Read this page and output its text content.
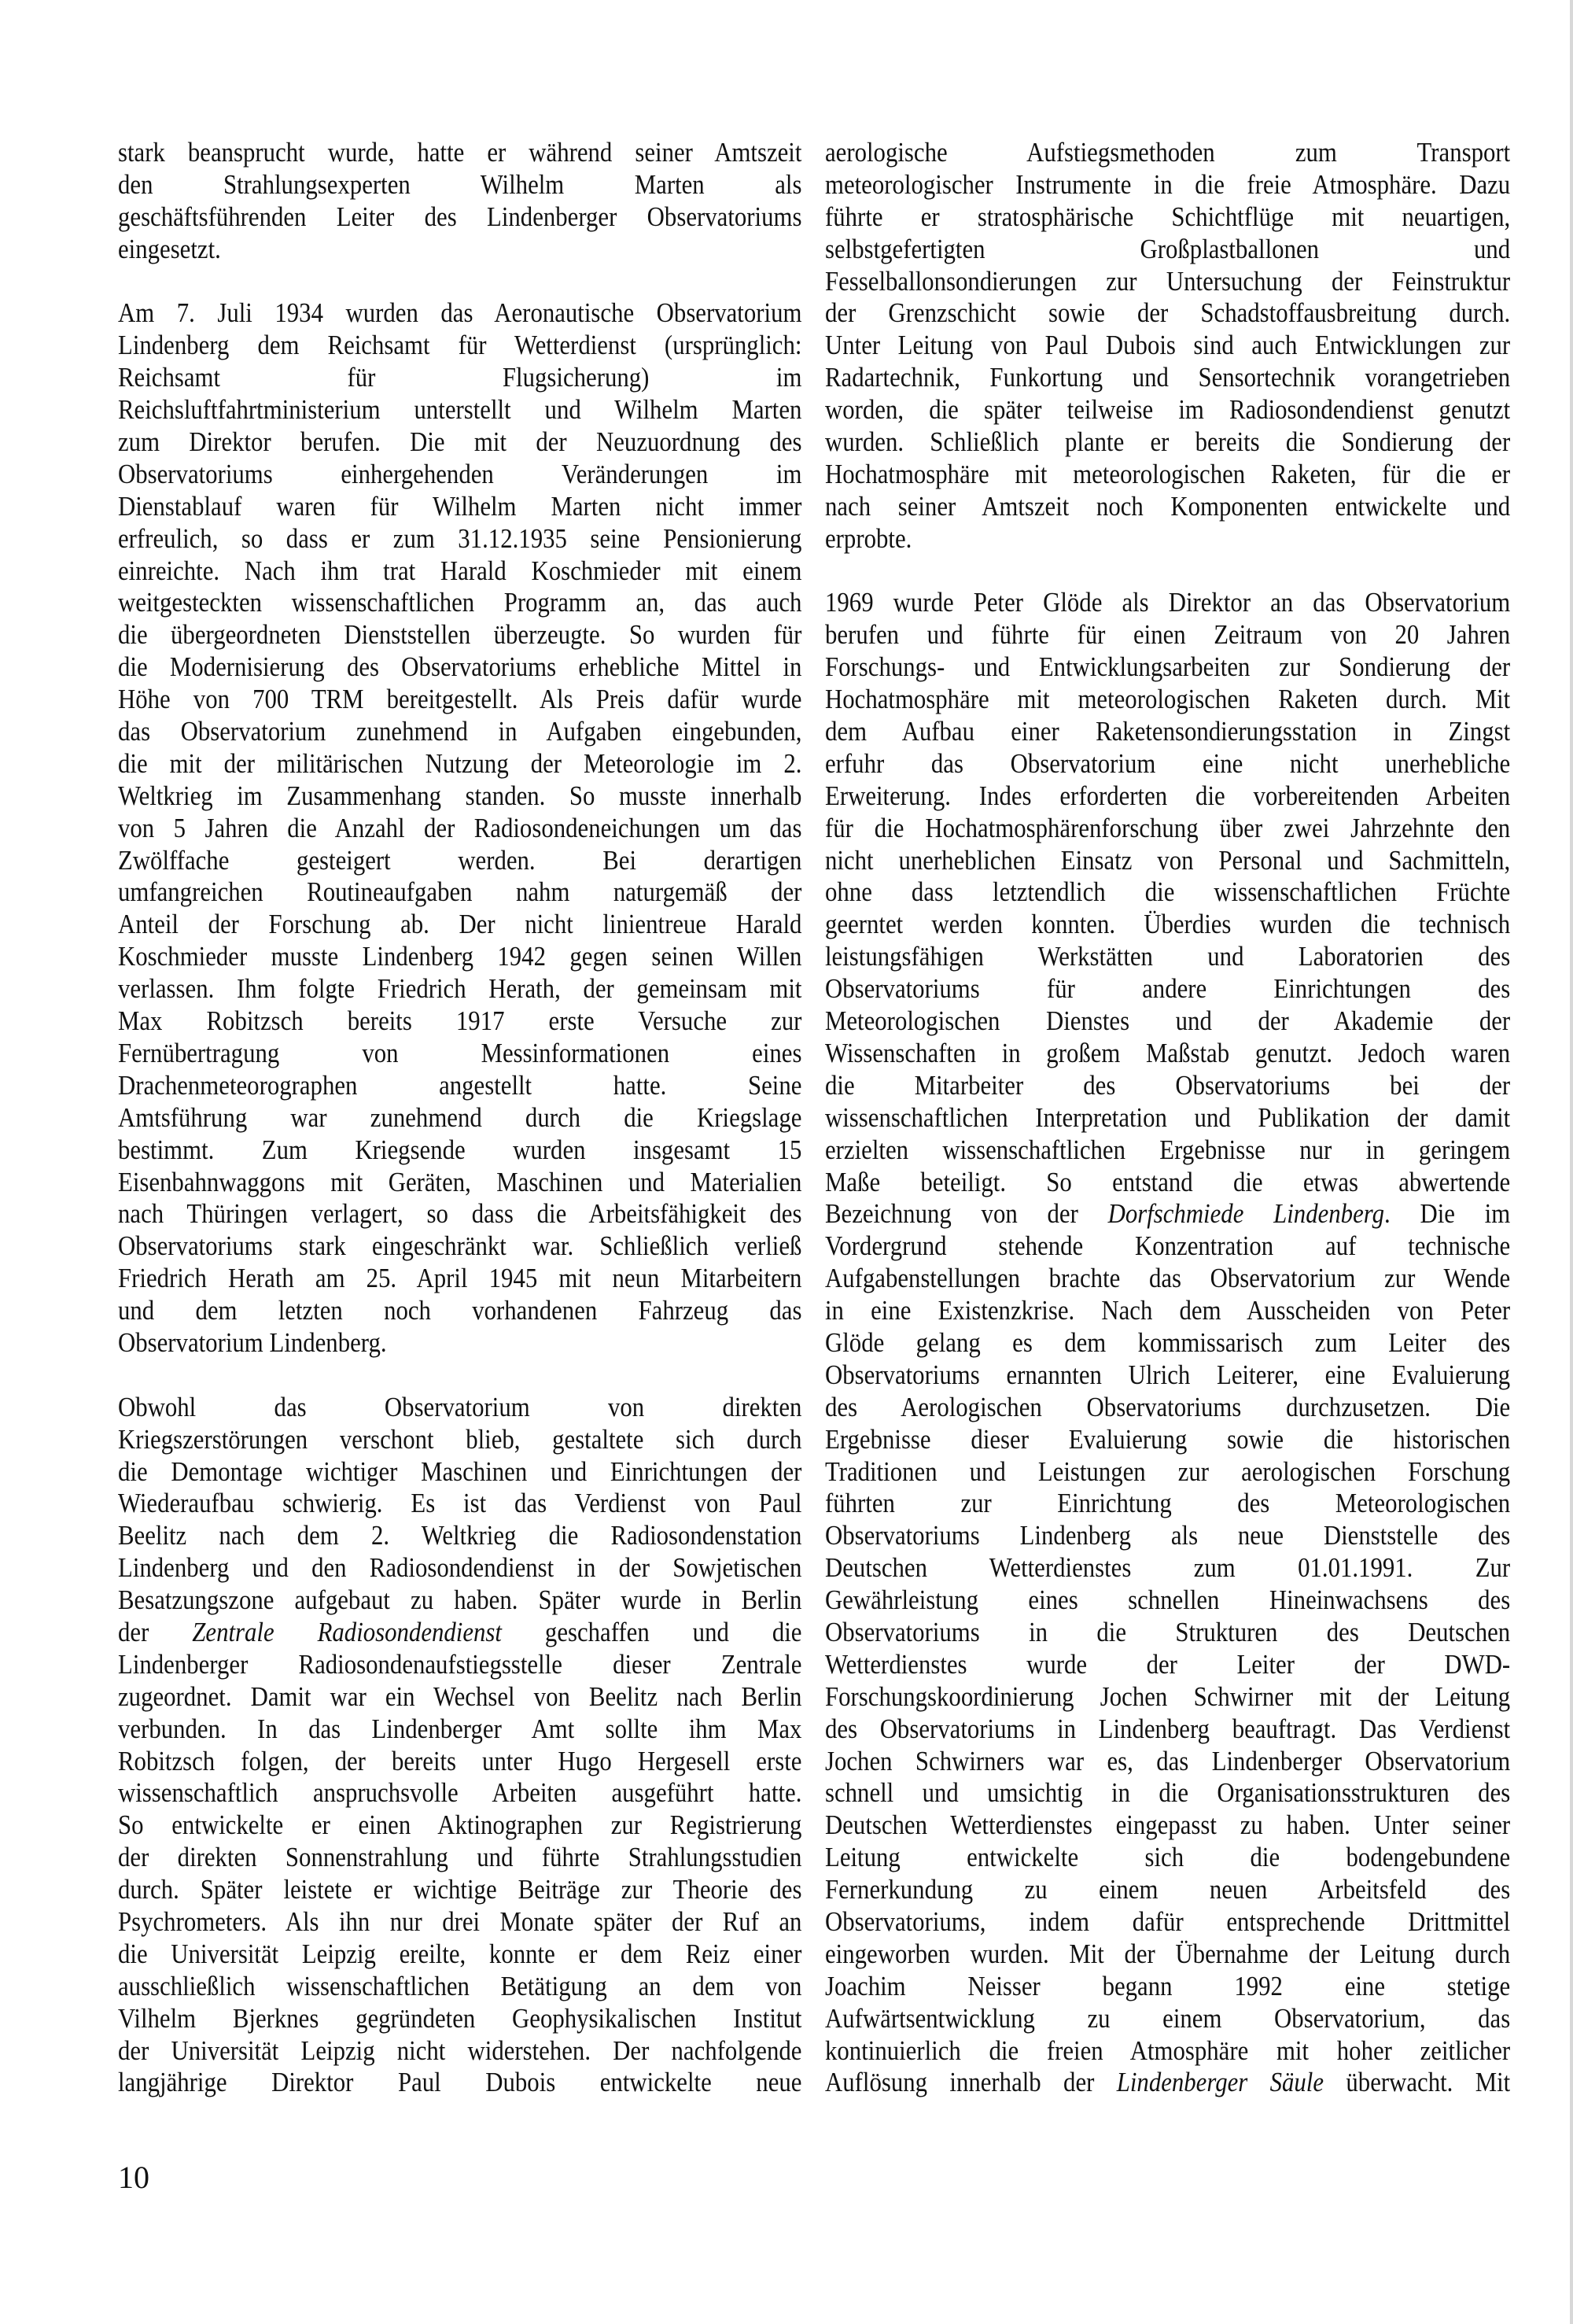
stark beansprucht wurde, hatte er während seiner Amtszeit
den Strahlungsexperten Wilhelm Marten als
geschäftsführenden Leiter des Lindenberger Observatoriums
eingesetzt.
Am 7. Juli 1934 wurden das Aeronautische Observatorium
Lindenberg dem Reichsamt für Wetterdienst (ursprünglich:
Reichsamt für Flugsicherung) im
Reichsluftfahrtministerium unterstellt und Wilhelm Marten
zum Direktor berufen. Die mit der Neuzuordnung des
Observatoriums einhergehenden Veränderungen im
Dienstablauf waren für Wilhelm Marten nicht immer
erfreulich, so dass er zum 31.12.1935 seine Pensionierung
einreichte. Nach ihm trat Harald Koschmieder mit einem
weitgesteckten wissenschaftlichen Programm an, das auch
die übergeordneten Dienststellen überzeugte. So wurden für
die Modernisierung des Observatoriums erhebliche Mittel in
Höhe von 700 TRM bereitgestellt. Als Preis dafür wurde
das Observatorium zunehmend in Aufgaben eingebunden,
die mit der militärischen Nutzung der Meteorologie im 2.
Weltkrieg im Zusammenhang standen. So musste innerhalb
von 5 Jahren die Anzahl der Radiosondeneichungen um das
Zwölffache gesteigert werden. Bei derartigen
umfangreichen Routineaufgaben nahm naturgemäß der
Anteil der Forschung ab. Der nicht linientreue Harald
Koschmieder musste Lindenberg 1942 gegen seinen Willen
verlassen. Ihm folgte Friedrich Herath, der gemeinsam mit
Max Robitzsch bereits 1917 erste Versuche zur
Fernübertragung von Messinformationen eines
Drachenmeteorographen angestellt hatte. Seine
Amtsführung war zunehmend durch die Kriegslage
bestimmt. Zum Kriegsende wurden insgesamt 15
Eisenbahnwaggons mit Geräten, Maschinen und Materialien
nach Thüringen verlagert, so dass die Arbeitsfähigkeit des
Observatoriums stark eingeschränkt war. Schließlich verließ
Friedrich Herath am 25. April 1945 mit neun Mitarbeitern
und dem letzten noch vorhandenen Fahrzeug das
Observatorium Lindenberg.
Obwohl das Observatorium von direkten
Kriegszerstörungen verschont blieb, gestaltete sich durch
die Demontage wichtiger Maschinen und Einrichtungen der
Wiederaufbau schwierig. Es ist das Verdienst von Paul
Beelitz nach dem 2. Weltkrieg die Radiosondenstation
Lindenberg und den Radiosondendienst in der Sowjetischen
Besatzungszone aufgebaut zu haben. Später wurde in Berlin
der Zentrale Radiosondendienst geschaffen und die
Lindenberger Radiosondenaufstiegsstelle dieser Zentrale
zugeordnet. Damit war ein Wechsel von Beelitz nach Berlin
verbunden. In das Lindenberger Amt sollte ihm Max
Robitzsch folgen, der bereits unter Hugo Hergesell erste
wissenschaftlich anspruchsvolle Arbeiten ausgeführt hatte.
So entwickelte er einen Aktinographen zur Registrierung
der direkten Sonnenstrahlung und führte Strahlungsstudien
durch. Später leistete er wichtige Beiträge zur Theorie des
Psychrometers. Als ihn nur drei Monate später der Ruf an
die Universität Leipzig ereilte, konnte er dem Reiz einer
ausschließlich wissenschaftlichen Betätigung an dem von
Vilhelm Bjerknes gegründeten Geophysikalischen Institut
der Universität Leipzig nicht widerstehen. Der nachfolgende
langjährige Direktor Paul Dubois entwickelte neue
aerologische Aufstiegsmethoden zum Transport
meteorologischer Instrumente in die freie Atmosphäre. Dazu
führte er stratosphärische Schichtflüge mit neuartigen,
selbstgefertigten Großplastballonen und
Fesselballonsondierungen zur Untersuchung der Feinstruktur
der Grenzschicht sowie der Schadstoffausbreitung durch.
Unter Leitung von Paul Dubois sind auch Entwicklungen zur
Radartechnik, Funkortung und Sensortechnik vorangetrieben
worden, die später teilweise im Radiosondendienst genutzt
wurden. Schließlich plante er bereits die Sondierung der
Hochatmosphäre mit meteorologischen Raketen, für die er
nach seiner Amtszeit noch Komponenten entwickelte und
erprobte.
1969 wurde Peter Glöde als Direktor an das Observatorium
berufen und führte für einen Zeitraum von 20 Jahren
Forschungs- und Entwicklungsarbeiten zur Sondierung der
Hochatmosphäre mit meteorologischen Raketen durch. Mit
dem Aufbau einer Raketensondierungsstation in Zingst
erfuhr das Observatorium eine nicht unerhebliche
Erweiterung. Indes erforderten die vorbereitenden Arbeiten
für die Hochatmosphärenforschung über zwei Jahrzehnte den
nicht unerheblichen Einsatz von Personal und Sachmitteln,
ohne dass letztendlich die wissenschaftlichen Früchte
geerntet werden konnten. Überdies wurden die technisch
leistungsfähigen Werkstätten und Laboratorien des
Observatoriums für andere Einrichtungen des
Meteorologischen Dienstes und der Akademie der
Wissenschaften in großem Maßstab genutzt. Jedoch waren
die Mitarbeiter des Observatoriums bei der
wissenschaftlichen Interpretation und Publikation der damit
erzielten wissenschaftlichen Ergebnisse nur in geringem
Maße beteiligt. So entstand die etwas abwertende
Bezeichnung von der Dorfschmiede Lindenberg. Die im
Vordergrund stehende Konzentration auf technische
Aufgabenstellungen brachte das Observatorium zur Wende
in eine Existenzkrise. Nach dem Ausscheiden von Peter
Glöde gelang es dem kommissarisch zum Leiter des
Observatoriums ernannten Ulrich Leiterer, eine Evaluierung
des Aerologischen Observatoriums durchzusetzen. Die
Ergebnisse dieser Evaluierung sowie die historischen
Traditionen und Leistungen zur aerologischen Forschung
führten zur Einrichtung des Meteorologischen
Observatoriums Lindenberg als neue Dienststelle des
Deutschen Wetterdienstes zum 01.01.1991. Zur
Gewährleistung eines schnellen Hineinwachsens des
Observatoriums in die Strukturen des Deutschen
Wetterdienstes wurde der Leiter der DWD-
Forschungskoordinierung Jochen Schwirner mit der Leitung
des Observatoriums in Lindenberg beauftragt. Das Verdienst
Jochen Schwirners war es, das Lindenberger Observatorium
schnell und umsichtig in die Organisationsstrukturen des
Deutschen Wetterdienstes eingepasst zu haben. Unter seiner
Leitung entwickelte sich die bodengebundene
Fernerkundung zu einem neuen Arbeitsfeld des
Observatoriums, indem dafür entsprechende Drittmittel
eingeworben wurden. Mit der Übernahme der Leitung durch
Joachim Neisser begann 1992 eine stetige
Aufwärtsentwicklung zu einem Observatorium, das
kontinuierlich die freien Atmosphäre mit hoher zeitlicher
Auflösung innerhalb der Lindenberger Säule überwacht. Mit
10
